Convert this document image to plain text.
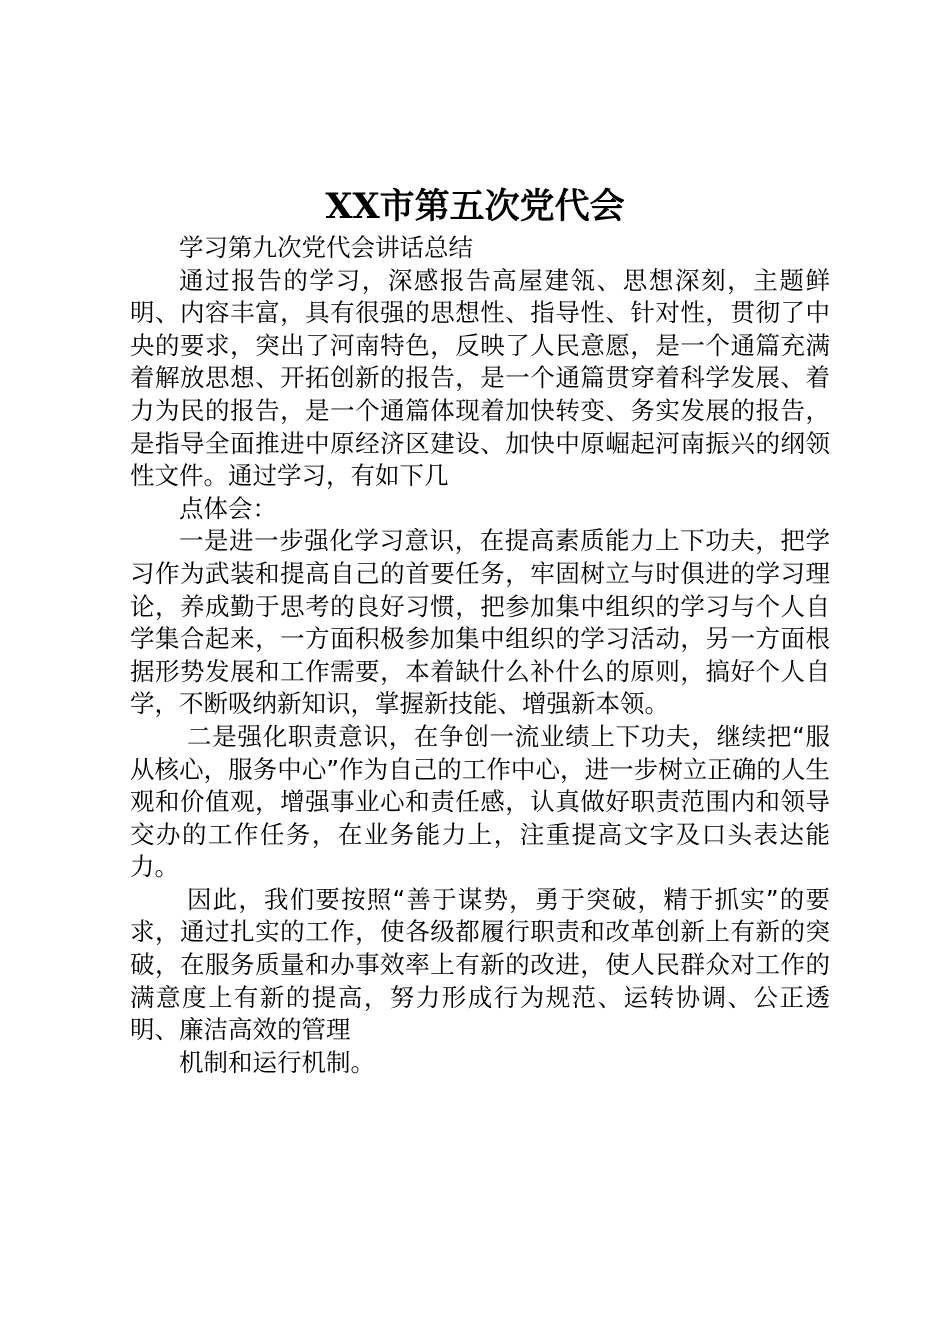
XX市第五次党代会

学习第九次党代会讲话总结

通过报告的学习，深感报告高屋建瓴、思想深刻，主题鲜明、内容丰富，具有很强的思想性、指导性、针对性，贯彻了中央的要求，突出了河南特色，反映了人民意愿，是一个通篇充满着解放思想、开拓创新的报告，是一个通篇贯穿着科学发展、着力为民的报告，是一个通篇体现着加快转变、务实发展的报告，是指导全面推进中原经济区建设、加快中原崛起河南振兴的纲领性文件。通过学习，有如下几

点体会：

一是进一步强化学习意识，在提高素质能力上下功夫，把学习作为武装和提高自己的首要任务，牢固树立与时俱进的学习理论，养成勤于思考的良好习惯，把参加集中组织的学习与个人自学集合起来，一方面积极参加集中组织的学习活动，另一方面根据形势发展和工作需要，本着缺什么补什么的原则，搞好个人自学，不断吸纳新知识，掌握新技能、增强新本领。

二是强化职责意识，在争创一流业绩上下功夫，继续把“服从核心，服务中心”作为自己的工作中心，进一步树立正确的人生观和价值观，增强事业心和责任感，认真做好职责范围内和领导交办的工作任务，在业务能力上，注重提高文字及口头表达能力。

因此，我们要按照“善于谋势，勇于突破，精于抓实”的要求，通过扎实的工作，使各级都履行职责和改革创新上有新的突破，在服务质量和办事效率上有新的改进，使人民群众对工作的满意度上有新的提高，努力形成行为规范、运转协调、公正透明、廉洁高效的管理

机制和运行机制。
